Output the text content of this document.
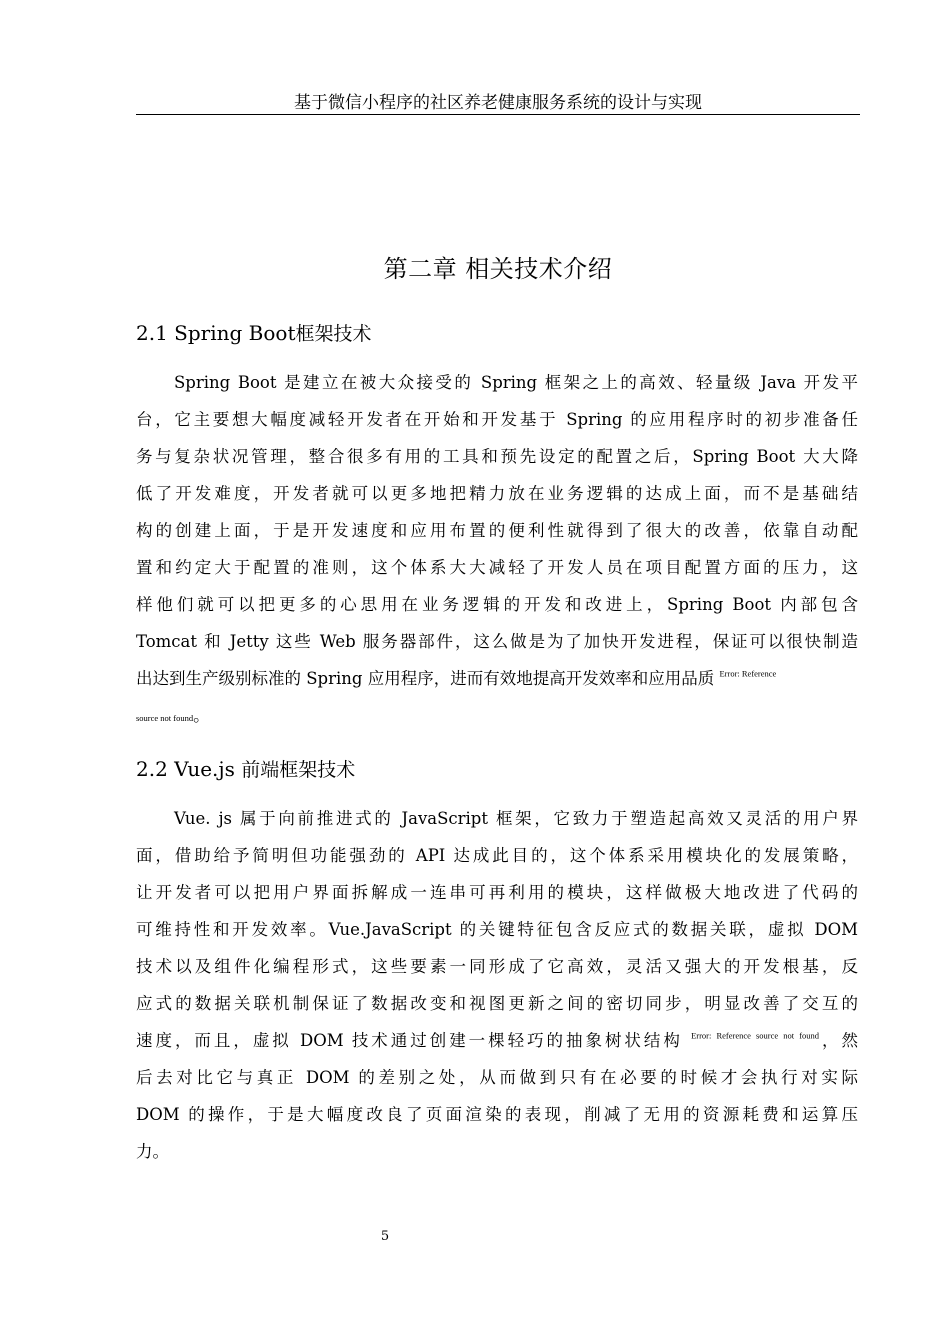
基于微信小程序的社区养老健康服务系统的设计与实现
第二章 相关技术介绍
2.1 Spring Boot框架技术
Spring Boot 是建立在被大众接受的 Spring 框架之上的高效、轻量级 Java 开发平
台，它主要想大幅度减轻开发者在开始和开发基于 Spring 的应用程序时的初步准备任
务与复杂状况管理，整合很多有用的工具和预先设定的配置之后，Spring Boot 大大降
低了开发难度，开发者就可以更多地把精力放在业务逻辑的达成上面，而不是基础结
构的创建上面，于是开发速度和应用布置的便利性就得到了很大的改善，依靠自动配
置和约定大于配置的准则，这个体系大大减轻了开发人员在项目配置方面的压力，这
样他们就可以把更多的心思用在业务逻辑的开发和改进上，Spring Boot 内部包含
Tomcat 和 Jetty 这些 Web 服务器部件，这么做是为了加快开发进程，保证可以很快制造
出达到生产级别标准的 Spring 应用程序，进而有效地提高开发效率和应用品质 $^{Error: Reference}$
source not found。
2.2 Vue.js 前端框架技术
Vue. js 属于向前推进式的 JavaScript 框架，它致力于塑造起高效又灵活的用户界
面，借助给予简明但功能强劲的 API 达成此目的，这个体系采用模块化的发展策略，
让开发者可以把用户界面拆解成一连串可再利用的模块，这样做极大地改进了代码的
可维持性和开发效率。Vue.JavaScript 的关键特征包含反应式的数据关联，虚拟 DOM
技术以及组件化编程形式，这些要素一同形成了它高效，灵活又强大的开发根基，反
应式的数据关联机制保证了数据改变和视图更新之间的密切同步，明显改善了交互的
速度，而且，虚拟 DOM 技术通过创建一棵轻巧的抽象树状结构 $^{Error: Reference source not found}$，然
后去对比它与真正 DOM 的差别之处，从而做到只有在必要的时候才会执行对实际
DOM 的操作，于是大幅度改良了页面渲染的表现，削减了无用的资源耗费和运算压
力。
5
